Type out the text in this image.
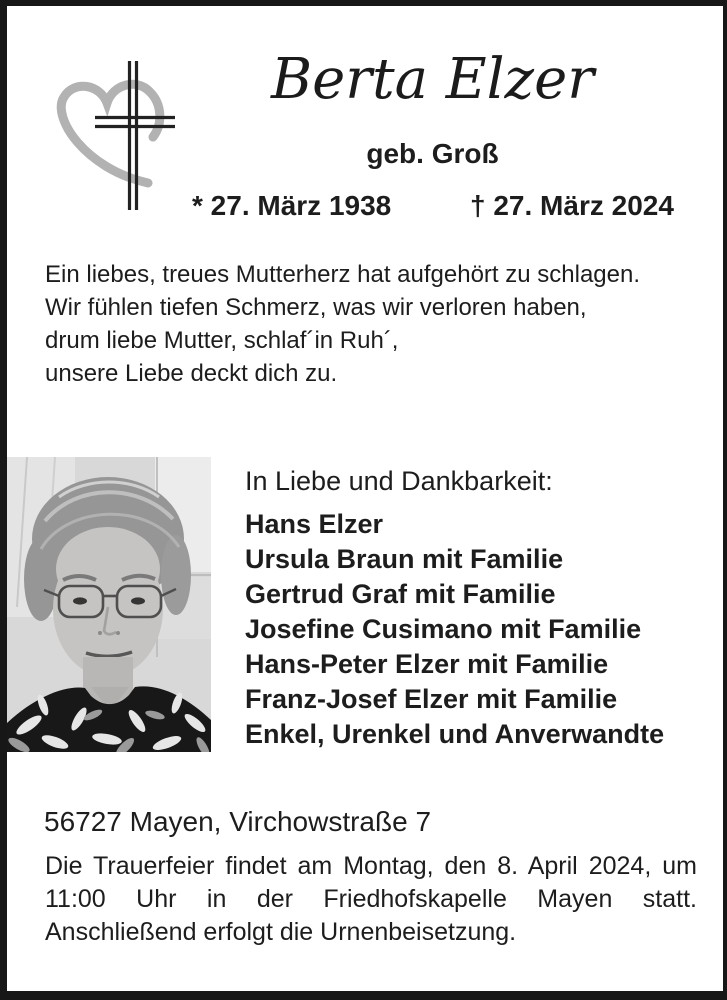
Berta Elzer
geb. Groß
* 27. März 1938	† 27. März 2024
Ein liebes, treues Mutterherz hat aufgehört zu schlagen.
Wir fühlen tiefen Schmerz, was wir verloren haben,
drum liebe Mutter, schlaf´in Ruh´,
unsere Liebe deckt dich zu.
In Liebe und Dankbarkeit:
Hans Elzer
Ursula Braun mit Familie
Gertrud Graf mit Familie
Josefine Cusimano mit Familie
Hans-Peter Elzer mit Familie
Franz-Josef Elzer mit Familie
Enkel, Urenkel und Anverwandte
56727 Mayen, Virchowstraße 7
Die Trauerfeier findet am Montag, den 8. April 2024, um
11:00 Uhr in der Friedhofskapelle Mayen statt.
Anschließend erfolgt die Urnenbeisetzung.
